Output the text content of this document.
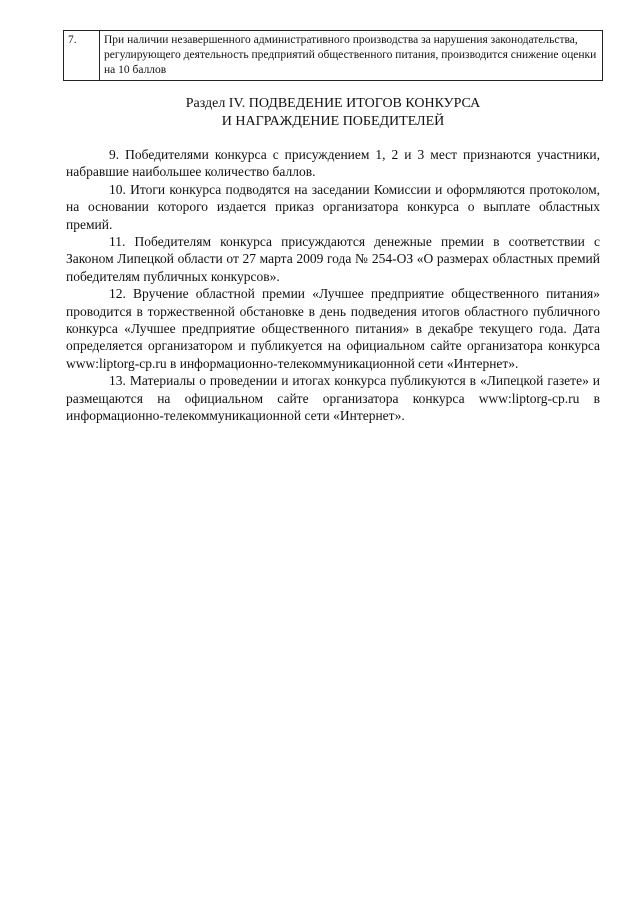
7.	При наличии незавершенного административного производства за нарушения законодательства, регулирующего деятельность предприятий общественного питания, производится снижение оценки на 10 баллов
Раздел IV. ПОДВЕДЕНИЕ ИТОГОВ КОНКУРСА
И НАГРАЖДЕНИЕ ПОБЕДИТЕЛЕЙ

9. Победителями конкурса с присуждением 1, 2 и 3 мест признаются участники, набравшие наибольшее количество баллов.

10. Итоги конкурса подводятся на заседании Комиссии и оформляются протоколом, на основании которого издается приказ организатора конкурса о выплате областных премий.

11. Победителям конкурса присуждаются денежные премии в соответствии с Законом Липецкой области от 27 марта 2009 года № 254-ОЗ «О размерах областных премий победителям публичных конкурсов».

12. Вручение областной премии «Лучшее предприятие общественного питания» проводится в торжественной обстановке в день подведения итогов областного публичного конкурса «Лучшее предприятие общественного питания» в декабре текущего года. Дата определяется организатором и публикуется на официальном сайте организатора конкурса www:liptorg-cp.ru в информационно-телекоммуникационной сети «Интернет».

13. Материалы о проведении и итогах конкурса публикуются в «Липецкой газете» и размещаются на официальном сайте организатора конкурса www:liptorg-cp.ru в информационно-телекоммуникационной сети «Интернет».
